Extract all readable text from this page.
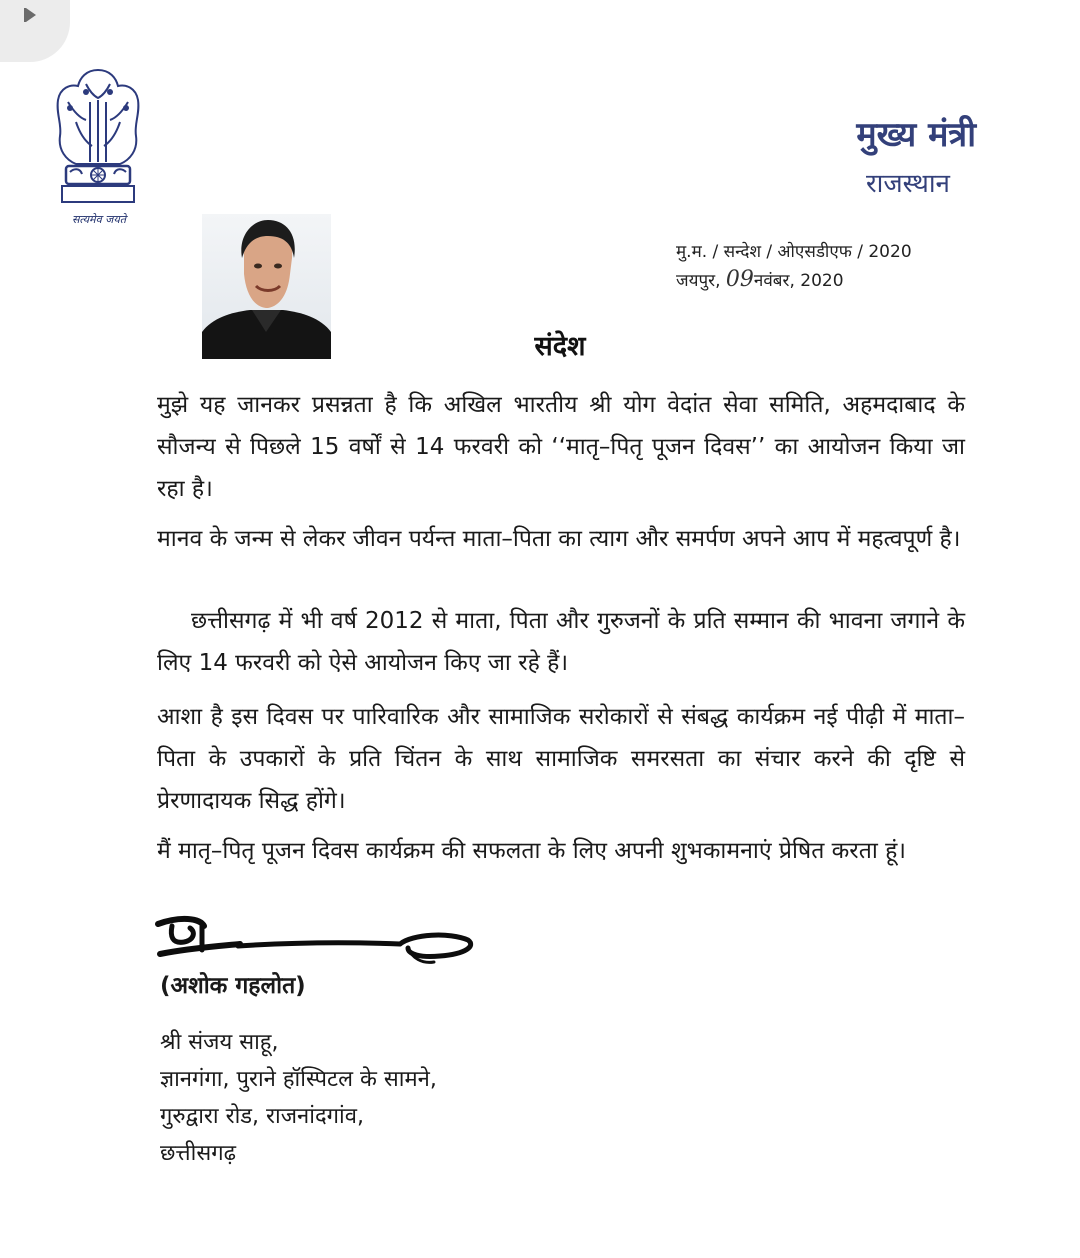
सत्यमेव जयते
मुख्य मंत्री
राजस्थान
मु.म. / सन्देश / ओएसडीएफ / 2020
जयपुर, 09नवंबर, 2020
संदेश

मुझे यह जानकर प्रसन्नता है कि अखिल भारतीय श्री योग वेदांत सेवा समिति, अहमदाबाद के सौजन्य से पिछले 15 वर्षों से 14 फरवरी को ‘‘मातृ–पितृ पूजन दिवस’’ का आयोजन किया जा रहा है।

मानव के जन्म से लेकर जीवन पर्यन्त माता–पिता का त्याग और समर्पण अपने आप में महत्वपूर्ण है।

छत्तीसगढ़ में भी वर्ष 2012 से माता, पिता और गुरुजनों के प्रति सम्मान की भावना जगाने के लिए 14 फरवरी को ऐसे आयोजन किए जा रहे हैं।

आशा है इस दिवस पर पारिवारिक और सामाजिक सरोकारों से संबद्ध कार्यक्रम नई पीढ़ी में माता–पिता के उपकारों के प्रति चिंतन के साथ सामाजिक समरसता का संचार करने की दृष्टि से प्रेरणादायक सिद्ध होंगे।

मैं मातृ–पितृ पूजन दिवस कार्यक्रम की सफलता के लिए अपनी शुभकामनाएं प्रेषित करता हूं।

(अशोक गहलोत)
श्री संजय साहू,
ज्ञानगंगा, पुराने हॉस्पिटल के सामने,
गुरुद्वारा रोड, राजनांदगांव,
छत्तीसगढ़
